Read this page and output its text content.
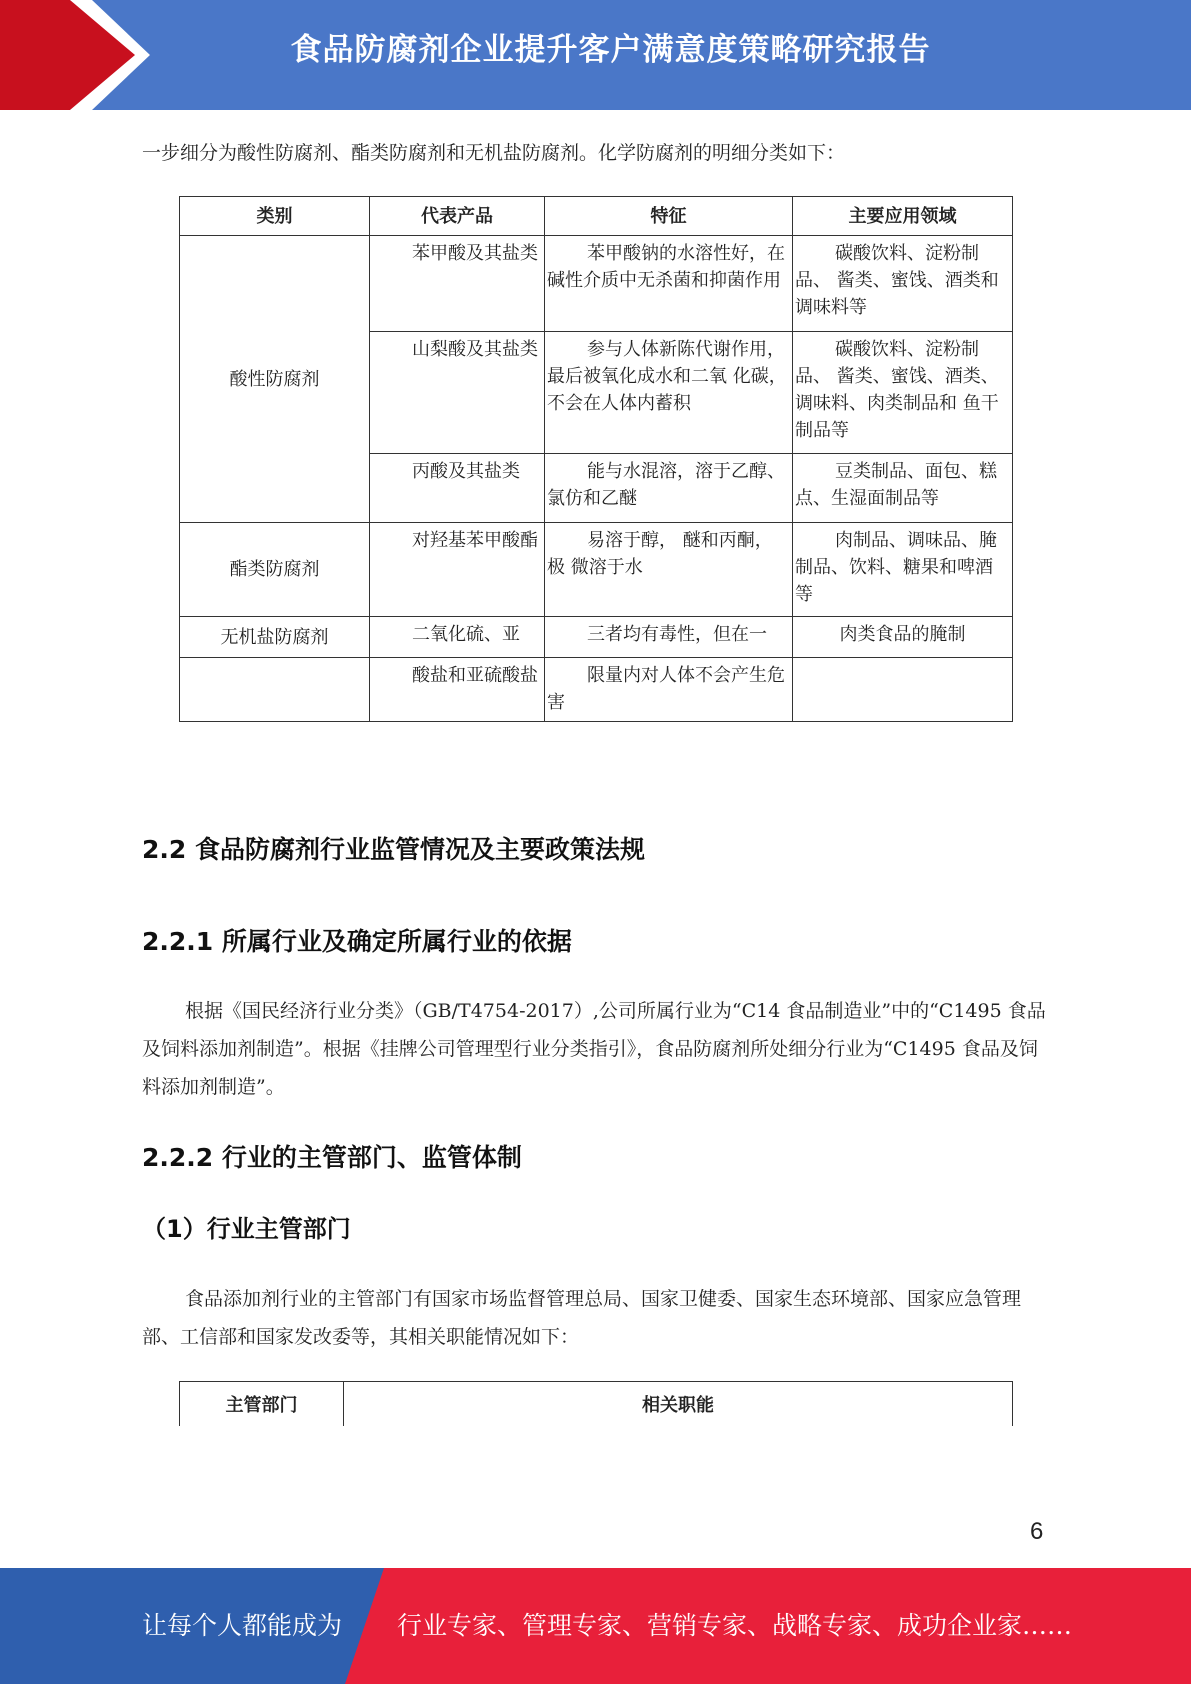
食品防腐剂企业提升客户满意度策略研究报告

一步细分为酸性防腐剂、酯类防腐剂和无机盐防腐剂。化学防腐剂的明细分类如下：

类别	代表产品	特征	主要应用领域
酸性防腐剂	苯甲酸及其盐类	苯甲酸钠的水溶性好，在 碱性介质中无杀菌和抑菌作用	碳酸饮料、淀粉制品、 酱类、蜜饯、酒类和 调味料等
	山梨酸及其盐类	参与人体新陈代谢作用， 最后被氧化成水和二氧 化碳，不会在人体内蓄积	碳酸饮料、淀粉制品、 酱类、蜜饯、酒类、 调味料、肉类制品和 鱼干制品等
	丙酸及其盐类	能与水混溶，溶于乙醇、氯仿和乙醚	豆类制品、面包、糕 点、生湿面制品等
酯类防腐剂	对羟基苯甲酸酯	易溶于醇， 醚和丙酮，极 微溶于水	肉制品、调味品、腌 制品、饮料、糖果和啤酒等
无机盐防腐剂	二氧化硫、亚	三者均有毒性，但在一	肉类食品的腌制
	酸盐和亚硫酸盐	限量内对人体不会产生危害	
2.2 食品防腐剂行业监管情况及主要政策法规
2.2.1 所属行业及确定所属行业的依据

根据《国民经济行业分类》（GB/T4754-2017）,公司所属行业为“C14 食品制造业”中的“C1495 食品及饲料添加剂制造”。根据《挂牌公司管理型行业分类指引》，食品防腐剂所处细分行业为“C1495 食品及饲料添加剂制造”。

2.2.2 行业的主管部门、监管体制
（1）行业主管部门

食品添加剂行业的主管部门有国家市场监督管理总局、国家卫健委、国家生态环境部、国家应急管理部、工信部和国家发改委等，其相关职能情况如下：

主管部门	相关职能
6
让每个人都能成为 行业专家、管理专家、营销专家、战略专家、成功企业家……
